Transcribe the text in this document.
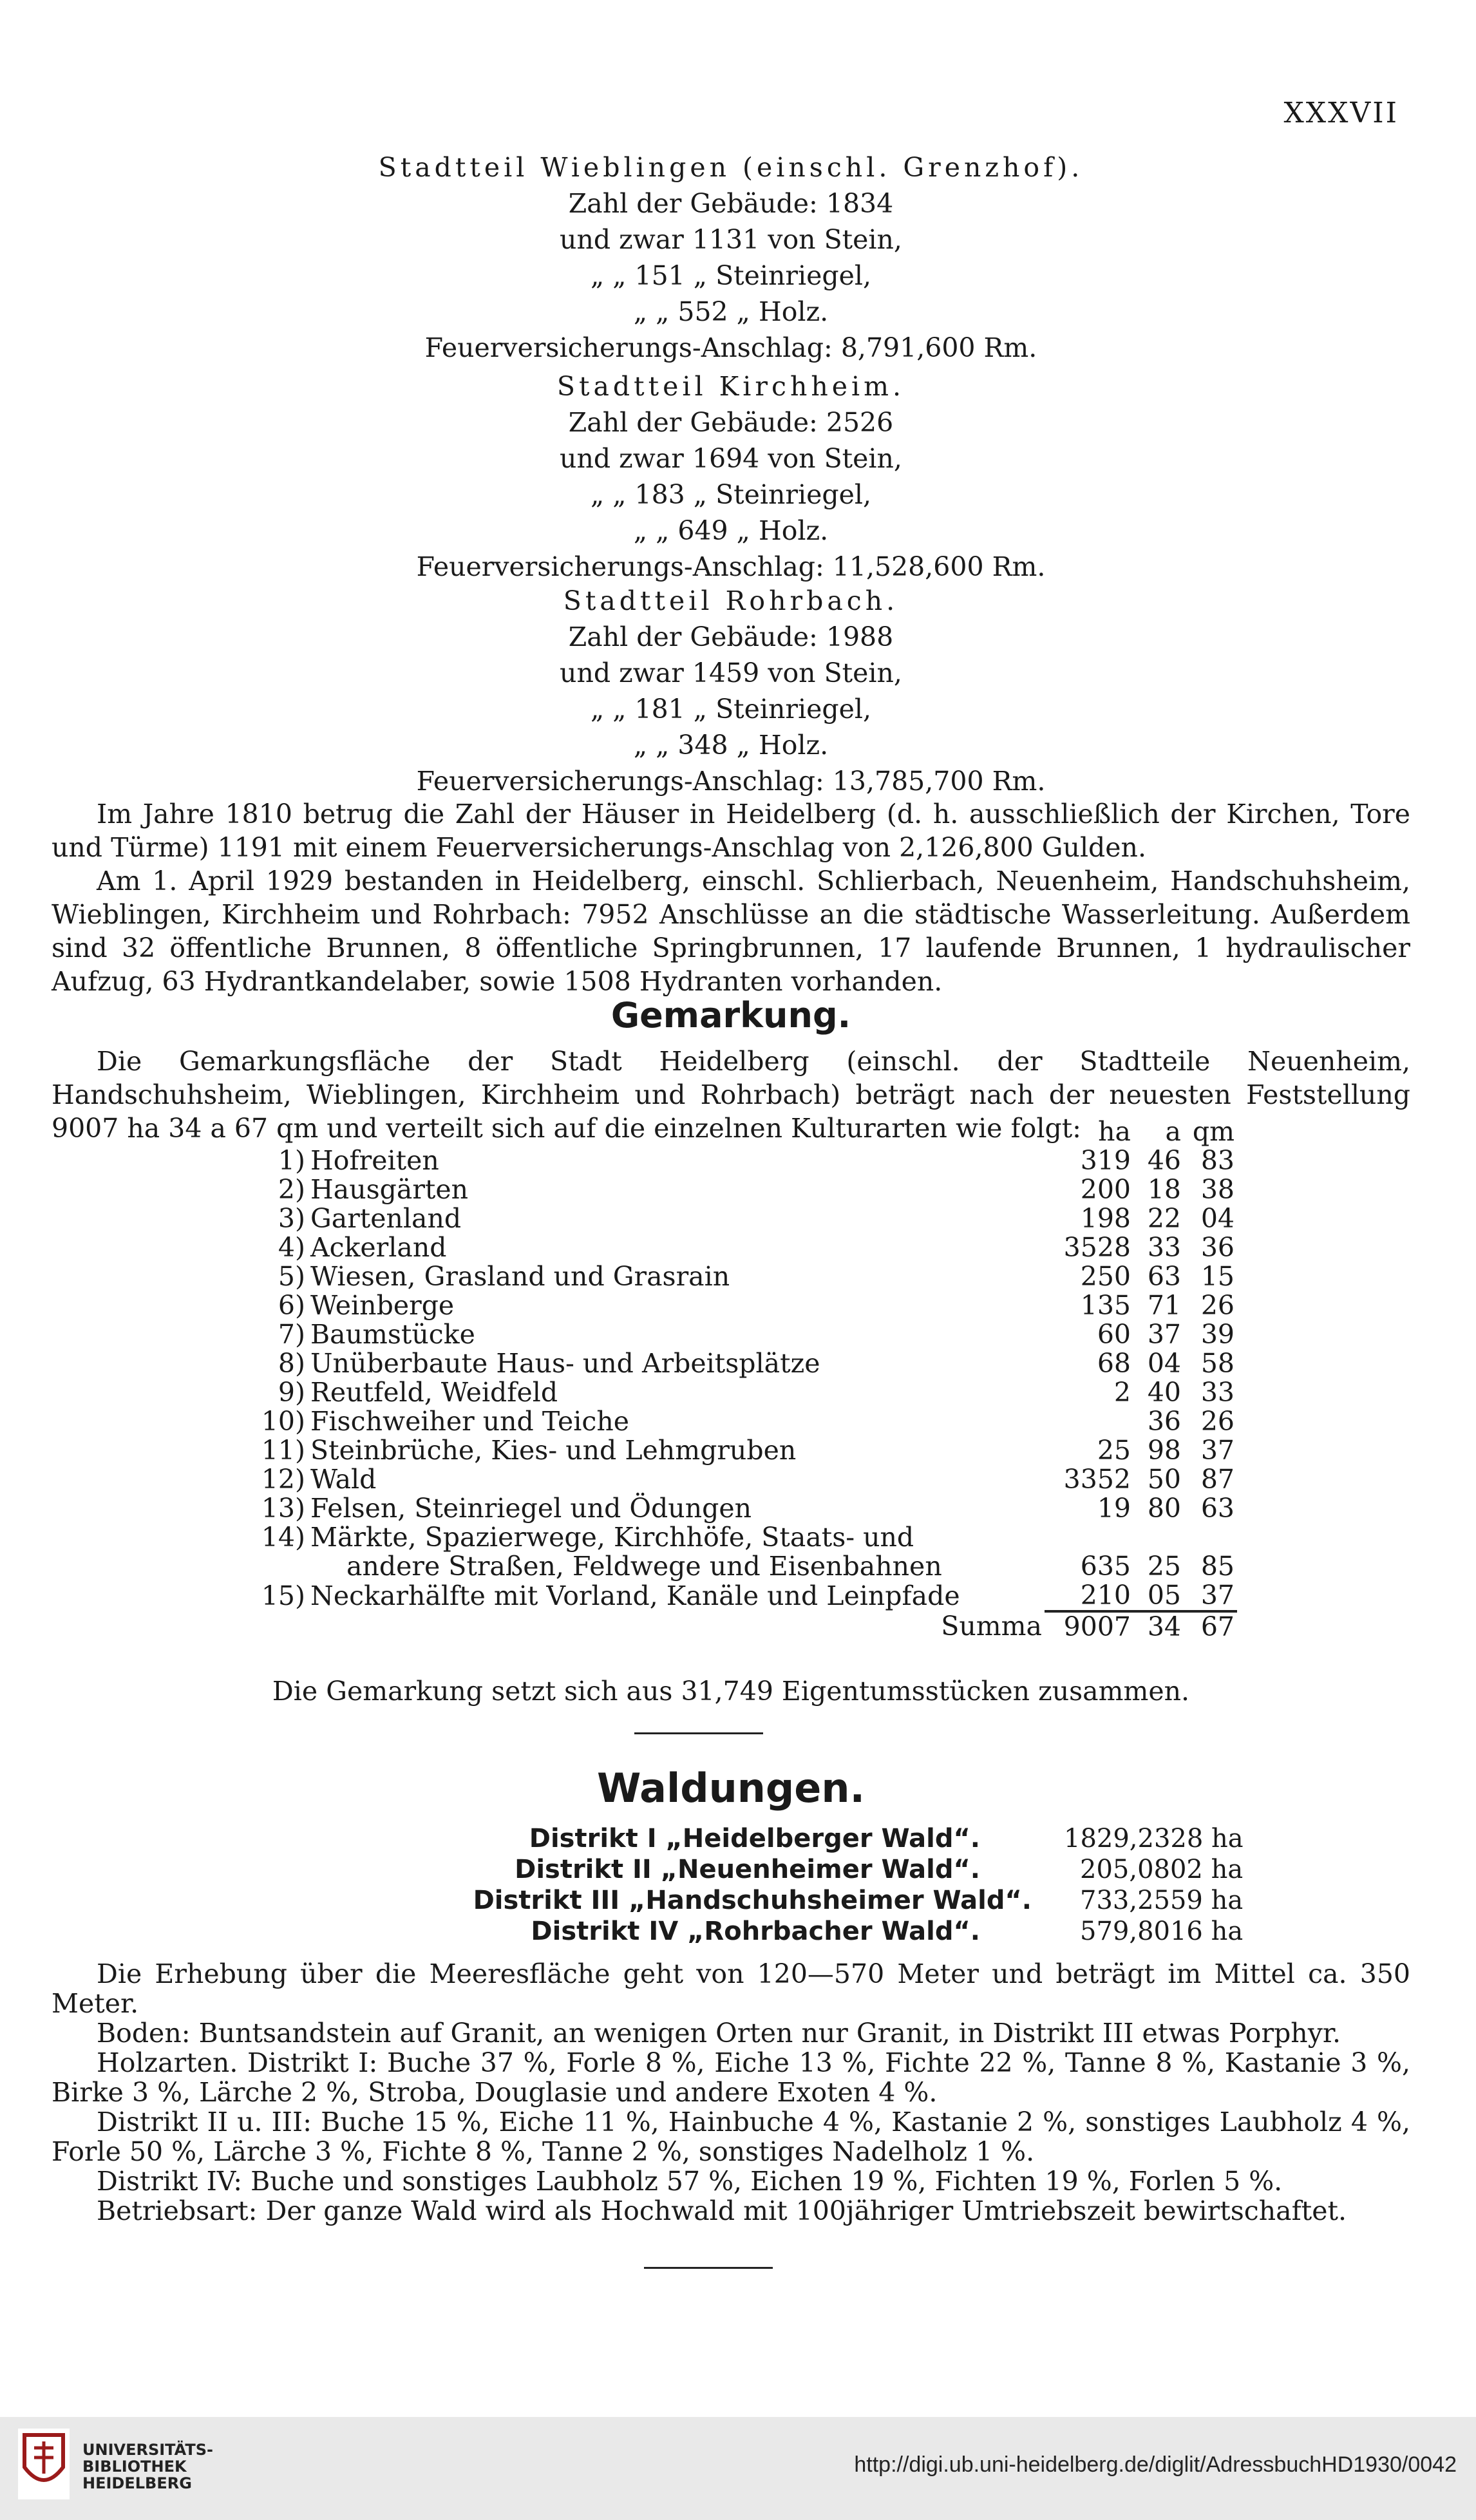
XXXVII
Stadtteil Wieblingen (einschl. Grenzhof).
Zahl der Gebäude: 1834
und zwar 1131 von Stein,
„ „ 151 „ Steinriegel,
„ „ 552 „ Holz.
Feuerversicherungs-Anschlag: 8,791,600 Rm.
Stadtteil Kirchheim.
Zahl der Gebäude: 2526
und zwar 1694 von Stein,
„ „ 183 „ Steinriegel,
„ „ 649 „ Holz.
Feuerversicherungs-Anschlag: 11,528,600 Rm.
Stadtteil Rohrbach.
Zahl der Gebäude: 1988
und zwar 1459 von Stein,
„ „ 181 „ Steinriegel,
„ „ 348 „ Holz.
Feuerversicherungs-Anschlag: 13,785,700 Rm.

Im Jahre 1810 betrug die Zahl der Häuser in Heidelberg (d. h. ausschließlich der Kirchen, Tore und Türme) 1191 mit einem Feuerversicherungs-Anschlag von 2,126,800 Gulden.

Am 1. April 1929 bestanden in Heidelberg, einschl. Schlierbach, Neuenheim, Handschuhsheim, Wieblingen, Kirchheim und Rohrbach: 7952 Anschlüsse an die städtische Wasserleitung. Außerdem sind 32 öffentliche Brunnen, 8 öffentliche Springbrunnen, 17 laufende Brunnen, 1 hydraulischer Aufzug, 63 Hydrantkandelaber, sowie 1508 Hydranten vorhanden.

Gemarkung.

Die Gemarkungsfläche der Stadt Heidelberg (einschl. der Stadtteile Neuenheim, Handschuhsheim, Wieblingen, Kirchheim und Rohrbach) beträgt nach der neuesten Feststellung 9007 ha 34 a 67 qm und verteilt sich auf die einzelnen Kulturarten wie folgt:

		ha	a	qm
1)	Hofreiten	319	46	83
2)	Hausgärten	200	18	38
3)	Gartenland	198	22	04
4)	Ackerland	3528	33	36
5)	Wiesen, Grasland und Grasrain	250	63	15
6)	Weinberge	135	71	26
7)	Baumstücke	60	37	39
8)	Unüberbaute Haus- und Arbeitsplätze	68	04	58
9)	Reutfeld, Weidfeld	2	40	33
10)	Fischweiher und Teiche		36	26
11)	Steinbrüche, Kies- und Lehmgruben	25	98	37
12)	Wald	3352	50	87
13)	Felsen, Steinriegel und Ödungen	19	80	63
14)	Märkte, Spazierwege, Kirchhöfe, Staats- und			
	andere Straßen, Feldwege und Eisenbahnen	635	25	85
15)	Neckarhälfte mit Vorland, Kanäle und Leinpfade	210	05	37
	Summa	9007	34	67
Die Gemarkung setzt sich aus 31,749 Eigentumsstücken zusammen.
Waldungen.
Distrikt I „Heidelberger Wald“.	1829,2328 ha
Distrikt II „Neuenheimer Wald“.	205,0802 ha
Distrikt III „Handschuhsheimer Wald“. 733,2559 ha
Distrikt IV „Rohrbacher Wald“.	579,8016 ha

Die Erhebung über die Meeresfläche geht von 120—570 Meter und beträgt im Mittel ca. 350 Meter.

Boden: Buntsandstein auf Granit, an wenigen Orten nur Granit, in Distrikt III etwas Porphyr.

Holzarten. Distrikt I: Buche 37 %, Forle 8 %, Eiche 13 %, Fichte 22 %, Tanne 8 %, Kastanie 3 %, Birke 3 %, Lärche 2 %, Stroba, Douglasie und andere Exoten 4 %.

Distrikt II u. III: Buche 15 %, Eiche 11 %, Hainbuche 4 %, Kastanie 2 %, sonstiges Laubholz 4 %, Forle 50 %, Lärche 3 %, Fichte 8 %, Tanne 2 %, sonstiges Nadelholz 1 %.

Distrikt IV: Buche und sonstiges Laubholz 57 %, Eichen 19 %, Fichten 19 %, Forlen 5 %.

Betriebsart: Der ganze Wald wird als Hochwald mit 100jähriger Umtriebszeit bewirtschaftet.

UNIVERSITÄTS-
BIBLIOTHEK
HEIDELBERG
http://digi.ub.uni-heidelberg.de/diglit/AdressbuchHD1930/0042
